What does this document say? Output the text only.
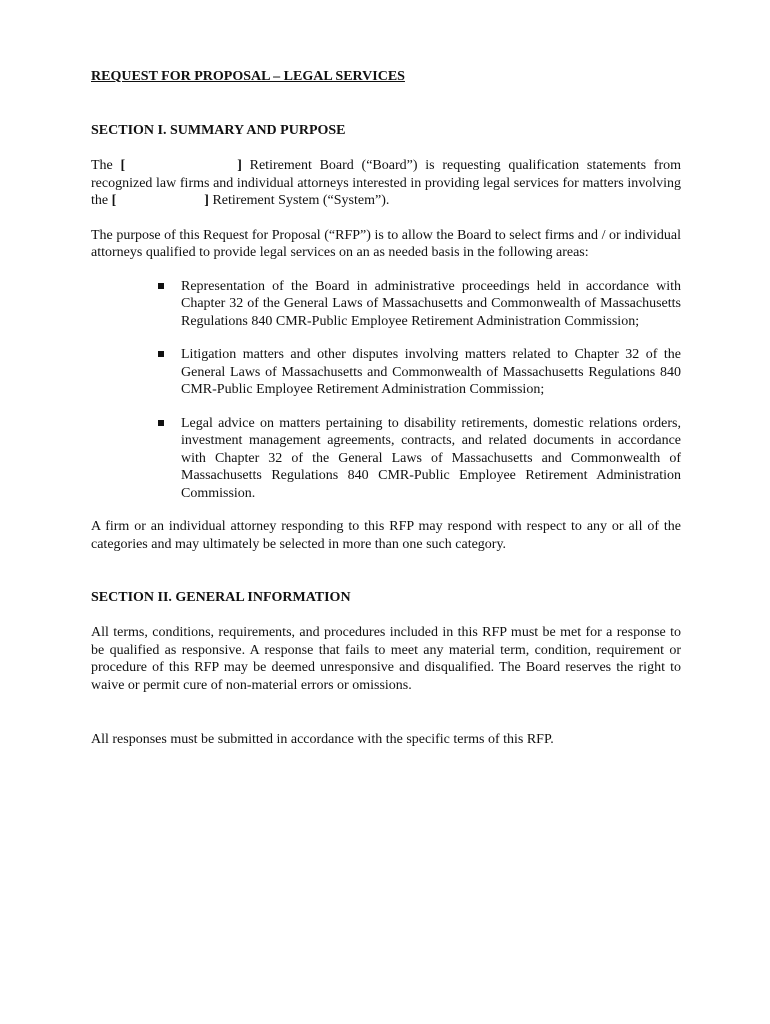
REQUEST FOR PROPOSAL – LEGAL SERVICES
SECTION I. SUMMARY AND PURPOSE

The [	] Retirement Board (“Board”) is requesting qualification statements from recognized law firms and individual attorneys interested in providing legal services for matters involving the [	] Retirement System (“System”).

The purpose of this Request for Proposal (“RFP”) is to allow the Board to select firms and / or individual attorneys qualified to provide legal services on an as needed basis in the following areas:

Representation of the Board in administrative proceedings held in accordance with Chapter 32 of the General Laws of Massachusetts and Commonwealth of Massachusetts Regulations 840 CMR-Public Employee Retirement Administration Commission;
Litigation matters and other disputes involving matters related to Chapter 32 of the General Laws of Massachusetts and Commonwealth of Massachusetts Regulations 840 CMR-Public Employee Retirement Administration Commission;
Legal advice on matters pertaining to disability retirements, domestic relations orders, investment management agreements, contracts, and related documents in accordance with Chapter 32 of the General Laws of Massachusetts and Commonwealth of Massachusetts Regulations 840 CMR-Public Employee Retirement Administration Commission.

A firm or an individual attorney responding to this RFP may respond with respect to any or all of the categories and may ultimately be selected in more than one such category.

SECTION II. GENERAL INFORMATION

All terms, conditions, requirements, and procedures included in this RFP must be met for a response to be qualified as responsive. A response that fails to meet any material term, condition, requirement or procedure of this RFP may be deemed unresponsive and disqualified. The Board reserves the right to waive or permit cure of non-material errors or omissions.

All responses must be submitted in accordance with the specific terms of this RFP.
